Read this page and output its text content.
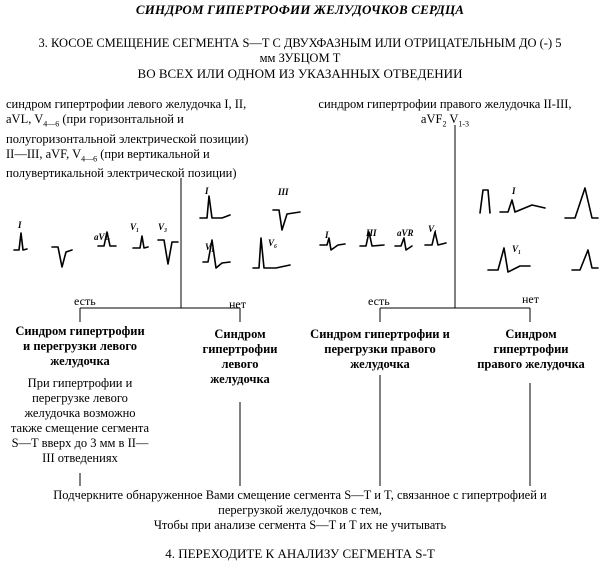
I
aVL
V₁ V₃
I	III
V₁	V₆
I	III aVR V₁
I
V₁
СИНДРОМ ГИПЕРТРОФИИ ЖЕЛУДОЧКОВ СЕРДЦА
3. КОСОЕ СМЕЩЕНИЕ СЕГМЕНТА S—T С ДВУХФАЗНЫМ ИЛИ ОТРИЦАТЕЛЬНЫМ ДО (-) 5
мм ЗУБЦОМ T
ВО ВСЕХ ИЛИ ОДНОМ ИЗ УКАЗАННЫХ ОТВЕДЕНИИ
синдром гипертрофии левого желудочка I, II,
aVL, $V_{4—6}$ (при горизонтальной и
полугоризонтальной электрической позиции)
II—III, aVF, $V_{4—6}$ (при вертикальной и
полувертикальной электрической позиции)
синдром гипертрофии правого желудочка II-III,
aVF$_2$ $V_{1-3}$
есть	нет	есть	нет
Синдром гипертрофии
и перегрузки левого
желудочка
При гипертрофии и
перегрузке левого
желудочка возможно
также смещение сегмента
S—T вверх до 3 мм в II—
III отведениях
Синдром
гипертрофии
левого
желудочка
Синдром гипертрофии и
перегрузки правого
желудочка
Синдром
гипертрофии
правого желудочка
Подчеркните обнаруженное Вами смещение сегмента S—T и T, связанное с гипертрофией и
перегрузкой желудочков с тем,
Чтобы при анализе сегмента S—T и T их не учитывать
4. ПЕРЕХОДИТЕ К АНАЛИЗУ СЕГМЕНТА S-T
